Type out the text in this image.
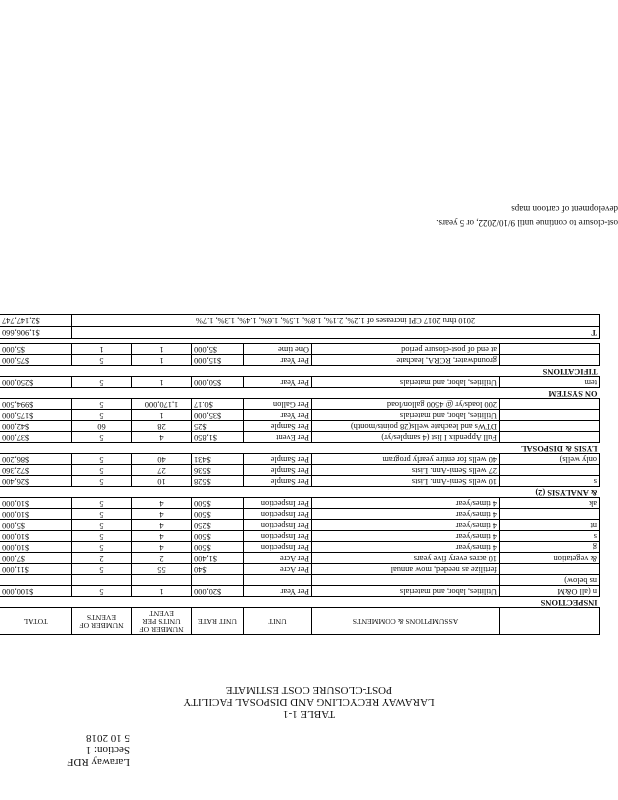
Laraway RDF
Section: 1
5 10 2018
TABLE 1-1
LARAWAY RECYCLING AND DISPOSAL FACILITY
POST-CLOSURE COST ESTIMATE
	ASSUMPTIONS & COMMENTS	UNIT	UNIT RATE	NUMBER OF UNITS PER EVENT	NUMBER OF EVENTS	TOTAL
INSPECTIONS						
n (all O&M	Utilities, labor, and materials	Per Year	$20,000	1	5	$100,000
ns below)						
	fertilize as needed, mow annual	Per Acre	$40	55	5	$11,000
& vegetation	10 acres every five years	Per Acre	$1,400	2	2	$7,000
g	4 times/year	Per Inspection	$500	4	5	$10,000
s	4 times/year	Per Inspection	$500	4	5	$10,000
nt	4 times/year	Per Inspection	$250	4	5	$5,000
	4 times/year	Per Inspection	$500	4	5	$10,000
ak	4 times/year	Per Inspection	$500	4	5	$10,000
& ANALYSIS (2)						
s	10 wells Semi-Ann. Lists	Per Sample	$528	10	5	$26,400
	27 wells Semi-Ann. Lists	Per Sample	$536	27	5	$72,360
only wells)	40 wells for entire yearly program	Per Sample	$431	40	5	$86,200
LYSIS & DISPOSAL						
	Full Appendix I list (4 samples/yr)	Per Event	$1,850	4	5	$37,000
	DTWs and leachate wells(28 points/month)	Per Sample	$25	28	60	$42,000
	Utilities, labor, and materials	Per Year	$35,000	1	5	$175,000
	200 loads/yr @ 4500 gallon/load	Per Gallon	$0.17	1,170,000	5	$994,500
ON SYSTEM						
tem	Utilities, labor, and materials	Per Year	$50,000	1	5	$250,000
TIFICATIONS						
	groundwater, RCRA, leachate	Per Year	$15,000	1	5	$75,000
	at end of post-closure period	One time	$5,000	1	1	$5,000

T						$1,906,660
2010 thru 2017 CPI increases of 1.2%, 2.1%, 1.8%, 1.5%, 1.6%, 1.4%, 1.3%, 1.7%						$2,147,747
ost-closure to continue until 9/10/2022, or 5 years.
development of cartoon maps
